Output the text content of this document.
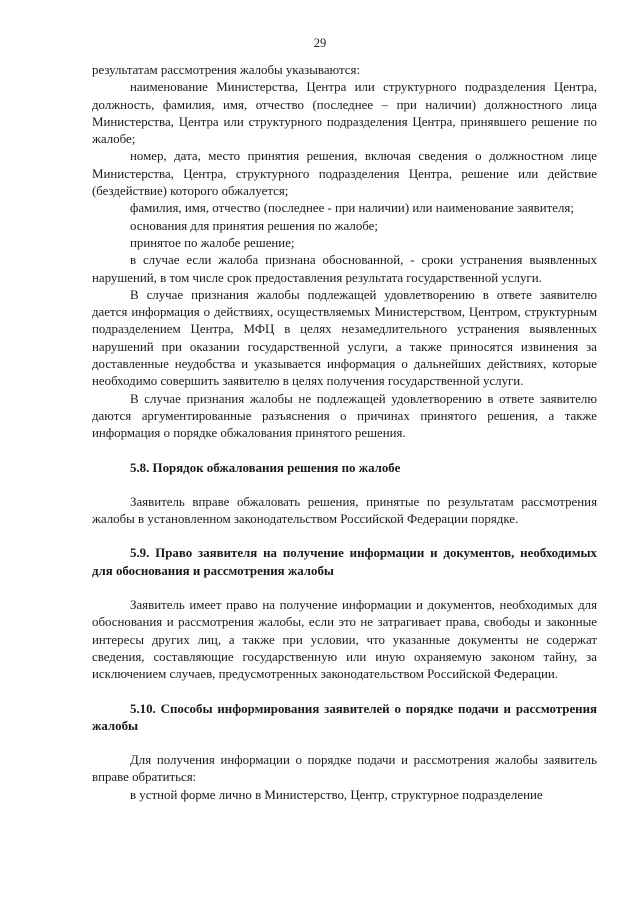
29

результатам рассмотрения жалобы указываются:

наименование Министерства, Центра или структурного подразделения Центра, должность, фамилия, имя, отчество (последнее – при наличии) должностного лица Министерства, Центра или структурного подразделения Центра, принявшего решение по жалобе;

номер, дата, место принятия решения, включая сведения о должностном лице Министерства, Центра, структурного подразделения Центра, решение или действие (бездействие) которого обжалуется;

фамилия, имя, отчество (последнее - при наличии) или наименование заявителя;

основания для принятия решения по жалобе;

принятое по жалобе решение;

в случае если жалоба признана обоснованной, - сроки устранения выявленных нарушений, в том числе срок предоставления результата государственной услуги.

В случае признания жалобы подлежащей удовлетворению в ответе заявителю дается информация о действиях, осуществляемых Министерством, Центром, структурным подразделением Центра, МФЦ в целях незамедлительного устранения выявленных нарушений при оказании государственной услуги, а также приносятся извинения за доставленные неудобства и указывается информация о дальнейших действиях, которые необходимо совершить заявителю в целях получения государственной услуги.

В случае признания жалобы не подлежащей удовлетворению в ответе заявителю даются аргументированные разъяснения о причинах принятого решения, а также информация о порядке обжалования принятого решения.

5.8. Порядок обжалования решения по жалобе

Заявитель вправе обжаловать решения, принятые по результатам рассмотрения жалобы в установленном законодательством Российской Федерации порядке.

5.9. Право заявителя на получение информации и документов, необходимых для обоснования и рассмотрения жалобы

Заявитель имеет право на получение информации и документов, необходимых для обоснования и рассмотрения жалобы, если это не затрагивает права, свободы и законные интересы других лиц, а также при условии, что указанные документы не содержат сведения, составляющие государственную или иную охраняемую законом тайну, за исключением случаев, предусмотренных законодательством Российской Федерации.

5.10. Способы информирования заявителей о порядке подачи и рассмотрения жалобы

Для получения информации о порядке подачи и рассмотрения жалобы заявитель вправе обратиться:

в устной форме лично в Министерство, Центр, структурное подразделение
